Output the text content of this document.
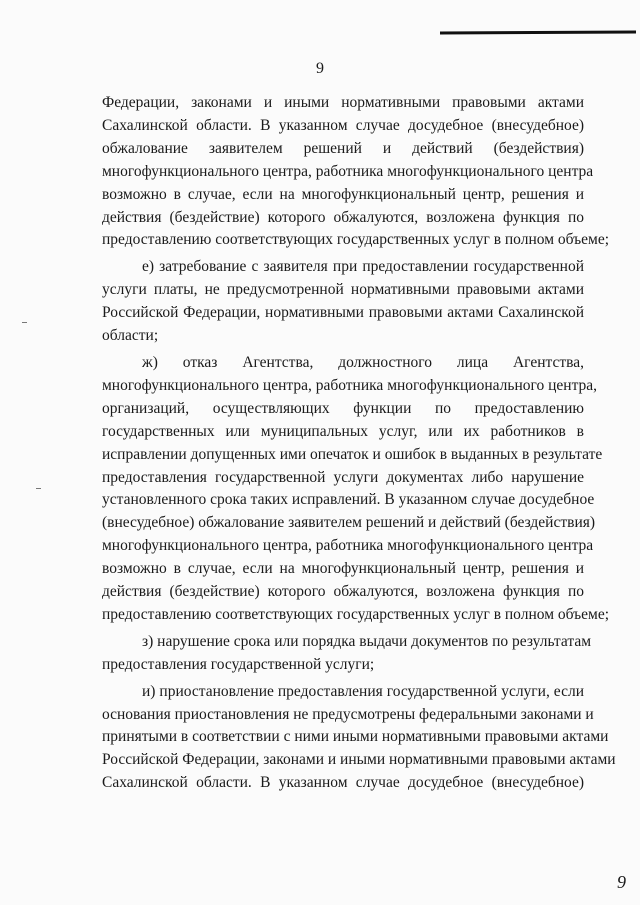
9

Федерации, законами и иными нормативными правовыми актами
Сахалинской области. В указанном случае досудебное (внесудебное)
обжалование заявителем решений и действий (бездействия)
многофункционального центра, работника многофункционального центра
возможно в случае, если на многофункциональный центр, решения и
действия (бездействие) которого обжалуются, возложена функция по
предоставлению соответствующих государственных услуг в полном объеме;

е) затребование с заявителя при предоставлении государственной
услуги платы, не предусмотренной нормативными правовыми актами
Российской Федерации, нормативными правовыми актами Сахалинской
области;

ж) отказ Агентства, должностного лица Агентства,
многофункционального центра, работника многофункционального центра,
организаций, осуществляющих функции по предоставлению
государственных или муниципальных услуг, или их работников в
исправлении допущенных ими опечаток и ошибок в выданных в результате
предоставления государственной услуги документах либо нарушение
установленного срока таких исправлений. В указанном случае досудебное
(внесудебное) обжалование заявителем решений и действий (бездействия)
многофункционального центра, работника многофункционального центра
возможно в случае, если на многофункциональный центр, решения и
действия (бездействие) которого обжалуются, возложена функция по
предоставлению соответствующих государственных услуг в полном объеме;

з) нарушение срока или порядка выдачи документов по результатам
предоставления государственной услуги;

и) приостановление предоставления государственной услуги, если
основания приостановления не предусмотрены федеральными законами и
принятыми в соответствии с ними иными нормативными правовыми актами
Российской Федерации, законами и иными нормативными правовыми актами
Сахалинской области. В указанном случае досудебное (внесудебное)

9
